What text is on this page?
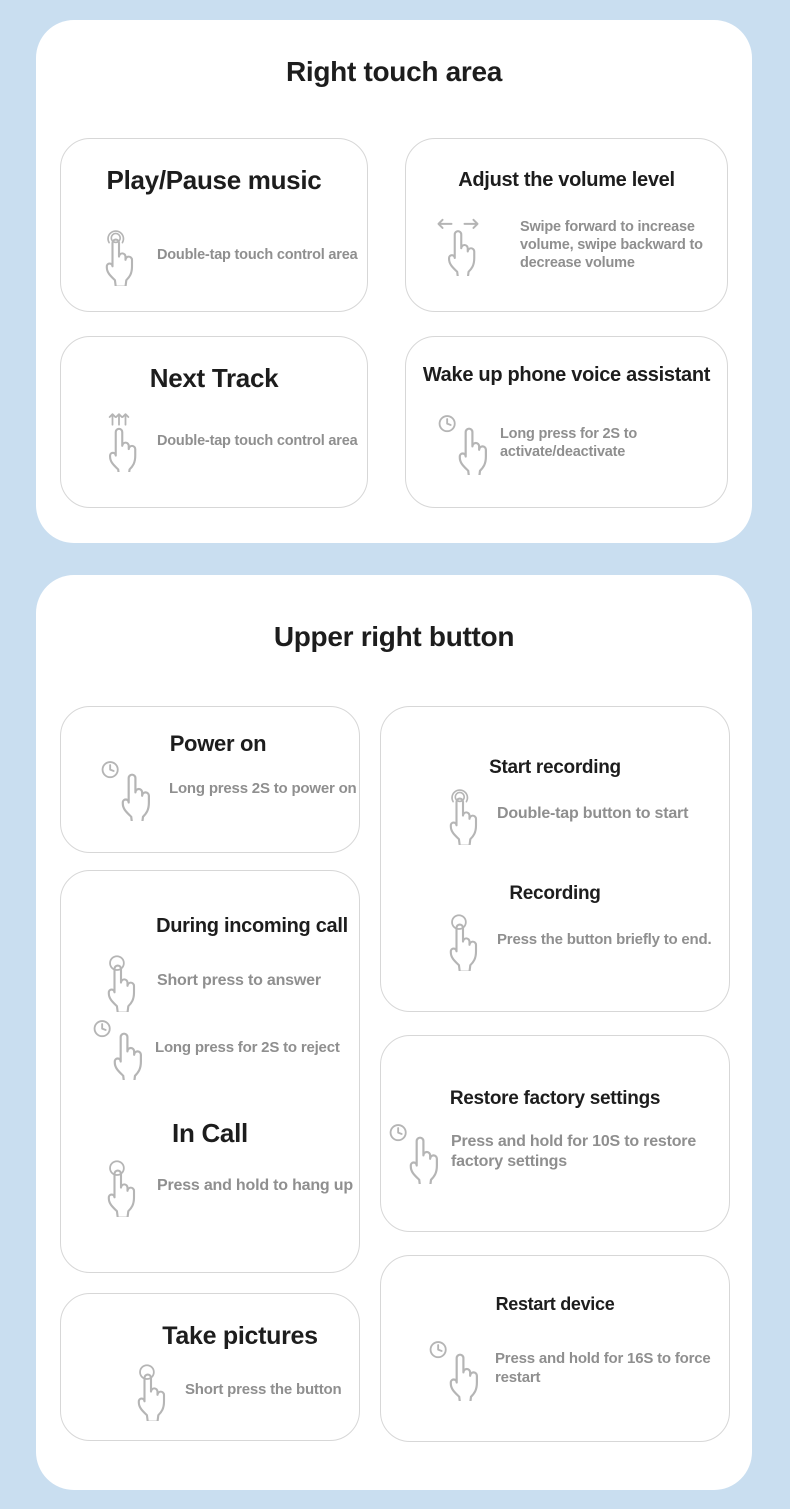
Right touch area
Play/Pause music
Double-tap touch control area
Adjust the volume level
Swipe forward to increase volume, swipe backward to decrease volume
Next Track
Double-tap touch control area
Wake up phone voice assistant
Long press for 2S to activate/deactivate
Upper right button
Power on
Long press 2S to power on
During incoming call
Short press to answer
Long press for 2S to reject
In Call
Press and hold to hang up
Take pictures
Short press the button
Start recording
Double-tap button to start
Recording
Press the button briefly to end.
Restore factory settings
Press and hold for 10S to restore factory settings
Restart device
Press and hold for 16S to force restart
